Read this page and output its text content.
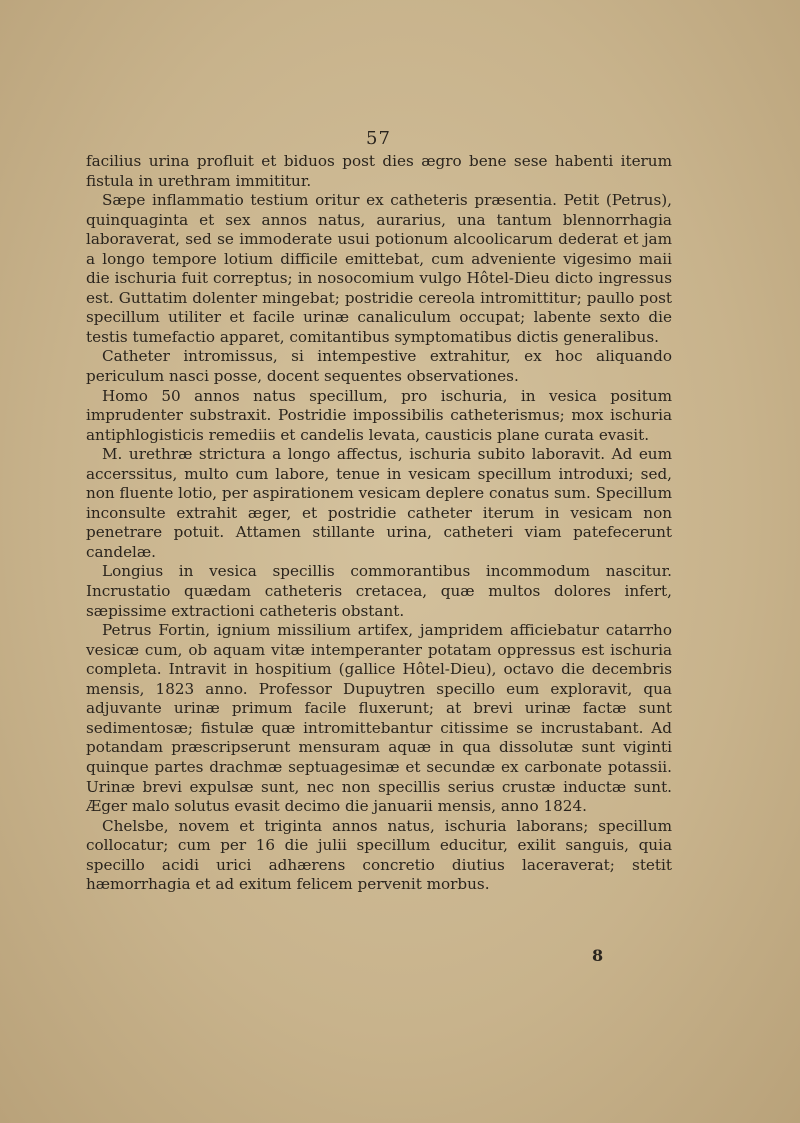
57

facilius urina profluit et biduos post dies ægro bene sese habenti iterum fistula in urethram immititur.

Sæpe inflammatio testium oritur ex catheteris præsentia. Petit (Petrus), quinquaginta et sex annos natus, aurarius, una tantum blennorrhagia laboraverat, sed se immoderate usui potionum alcoolicarum dederat et jam a longo tempore lotium difficile emittebat, cum adveniente vigesimo maii die ischuria fuit correptus; in nosocomium vulgo Hôtel-Dieu dicto ingressus est. Guttatim dolenter mingebat; postridie cereola intromittitur; paullo post specillum utiliter et facile urinæ canaliculum occupat; labente sexto die testis tumefactio apparet, comitantibus symptomatibus dictis generalibus.

Catheter intromissus, si intempestive extrahitur, ex hoc aliquando periculum nasci posse, docent sequentes observationes.

Homo 50 annos natus specillum, pro ischuria, in vesica positum imprudenter substraxit. Postridie impossibilis catheterismus; mox ischuria antiphlogisticis remediis et candelis levata, causticis plane curata evasit.

M. urethræ strictura a longo affectus, ischuria subito laboravit. Ad eum accerssitus, multo cum labore, tenue in vesicam specillum introduxi; sed, non fluente lotio, per aspirationem vesicam deplere conatus sum. Specillum inconsulte extrahit æger, et postridie catheter iterum in vesicam non penetrare potuit. Attamen stillante urina, catheteri viam patefecerunt candelæ.

Longius in vesica specillis commorantibus incommodum nascitur. Incrustatio quædam catheteris cretacea, quæ multos dolores infert, sæpissime extractioni catheteris obstant.

Petrus Fortin, ignium missilium artifex, jampridem afficiebatur catarrho vesicæ cum, ob aquam vitæ intemperanter potatam oppressus est ischuria completa. Intravit in hospitium (gallice Hôtel-Dieu), octavo die decembris mensis, 1823 anno. Professor Dupuytren specillo eum exploravit, qua adjuvante urinæ primum facile fluxerunt; at brevi urinæ factæ sunt sedimentosæ; fistulæ quæ intromittebantur citissime se incrustabant. Ad potandam præscripserunt mensuram aquæ in qua dissolutæ sunt viginti quinque partes drachmæ septuagesimæ et secundæ ex carbonate potassii. Urinæ brevi expulsæ sunt, nec non specillis serius crustæ inductæ sunt. Æger malo solutus evasit decimo die januarii mensis, anno 1824.

Chelsbe, novem et triginta annos natus, ischuria laborans; specillum collocatur; cum per 16 die julii specillum educitur, exilit sanguis, quia specillo acidi urici adhærens concretio diutius laceraverat; stetit hæmorrhagia et ad exitum felicem pervenit morbus.

8
